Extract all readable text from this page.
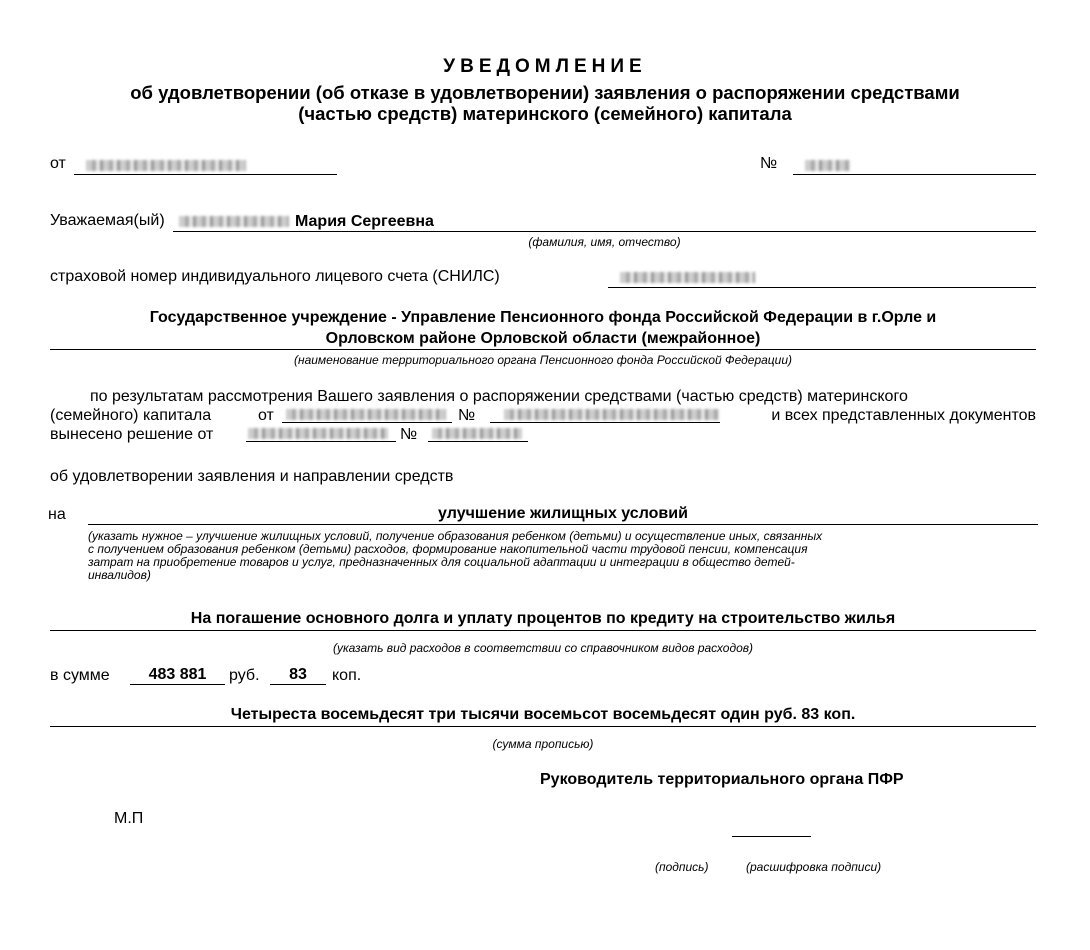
УВЕДОМЛЕНИЕ
об удовлетворении (об отказе в удовлетворении) заявления о распоряжении средствами
(частью средств) материнского (семейного) капитала
от	№
Уважаемая(ый)	Мария Сергеевна
(фамилия, имя, отчество)
страховой номер индивидуального лицевого счета (СНИЛС)
Государственное учреждение - Управление Пенсионного фонда Российской Федерации в г.Орле и
Орловском районе Орловской области (межрайонное)
(наименование территориального органа Пенсионного фонда Российской Федерации)
по результатам рассмотрения Вашего заявления о распоряжении средствами (частью средств) материнского
(семейного) капитала	от	№	и всех представленных документов
вынесено решение от	№
об удовлетворении заявления и направлении средств
на	улучшение жилищных условий
(указать нужное – улучшение жилищных условий, получение образования ребенком (детьми) и осуществление иных, связанных
с получением образования ребенком (детьми) расходов, формирование накопительной части трудовой пенсии, компенсация
затрат на приобретение товаров и услуг, предназначенных для социальной адаптации и интеграции в общество детей-
инвалидов)
На погашение основного долга и уплату процентов по кредиту на строительство жилья
(указать вид расходов в соответствии со справочником видов расходов)
в сумме	483 881	руб.	83	коп.
Четыреста восемьдесят три тысячи восемьсот восемьдесят один руб. 83 коп.
(сумма прописью)
Руководитель территориального органа ПФР
М.П
(подпись)	(расшифровка подписи)
